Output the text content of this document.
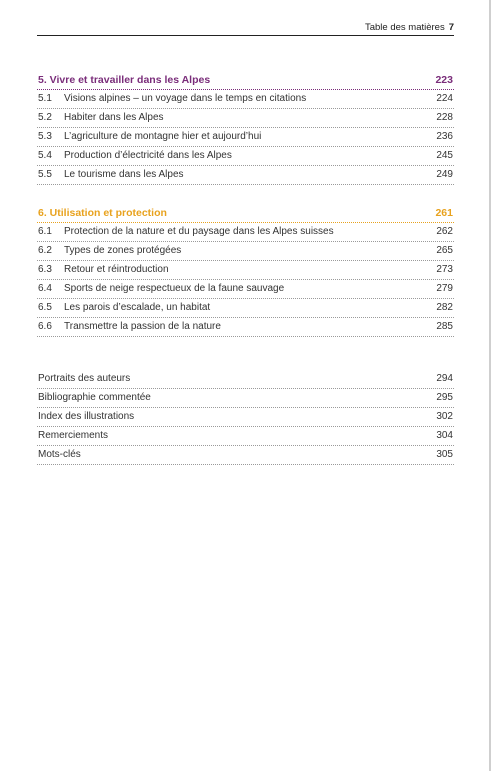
Table des matières 7
5. Vivre et travailler dans les Alpes	223
5.1 Visions alpines – un voyage dans le temps en citations	224
5.2 Habiter dans les Alpes	228
5.3 L’agriculture de montagne hier et aujourd’hui	236
5.4 Production d’électricité dans les Alpes	245
5.5 Le tourisme dans les Alpes	249
6. Utilisation et protection	261
6.1 Protection de la nature et du paysage dans les Alpes suisses	262
6.2 Types de zones protégées	265
6.3 Retour et réintroduction	273
6.4 Sports de neige respectueux de la faune sauvage	279
6.5 Les parois d’escalade, un habitat	282
6.6 Transmettre la passion de la nature	285
Portraits des auteurs	294
Bibliographie commentée	295
Index des illustrations	302
Remerciements	304
Mots-clés	305
